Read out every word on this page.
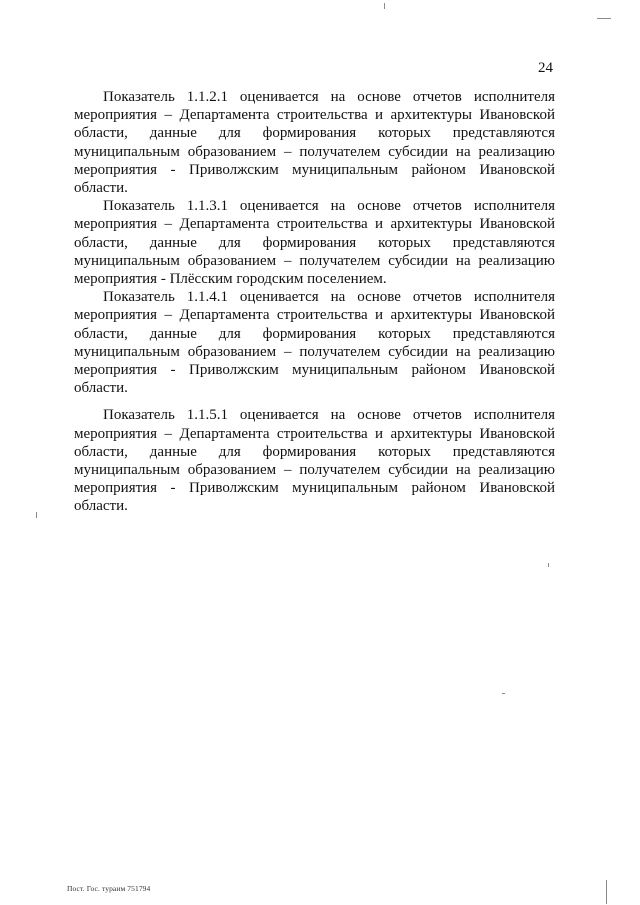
24

Показатель 1.1.2.1 оценивается на основе отчетов исполнителя мероприятия – Департамента строительства и архитектуры Ивановской области, данные для формирования которых представляются муниципальным образованием – получателем субсидии на реализацию мероприятия - Приволжским муниципальным районом Ивановской области.

Показатель 1.1.3.1 оценивается на основе отчетов исполнителя мероприятия – Департамента строительства и архитектуры Ивановской области, данные для формирования которых представляются муниципальным образованием – получателем субсидии на реализацию мероприятия - Плёсским городским поселением.

Показатель 1.1.4.1 оценивается на основе отчетов исполнителя мероприятия – Департамента строительства и архитектуры Ивановской области, данные для формирования которых представляются муниципальным образованием – получателем субсидии на реализацию мероприятия - Приволжским муниципальным районом Ивановской области.

Показатель 1.1.5.1 оценивается на основе отчетов исполнителя мероприятия – Департамента строительства и архитектуры Ивановской области, данные для формирования которых представляются муниципальным образованием – получателем субсидии на реализацию мероприятия - Приволжским муниципальным районом Ивановской области.

Пост. Гос. тураим 751794
